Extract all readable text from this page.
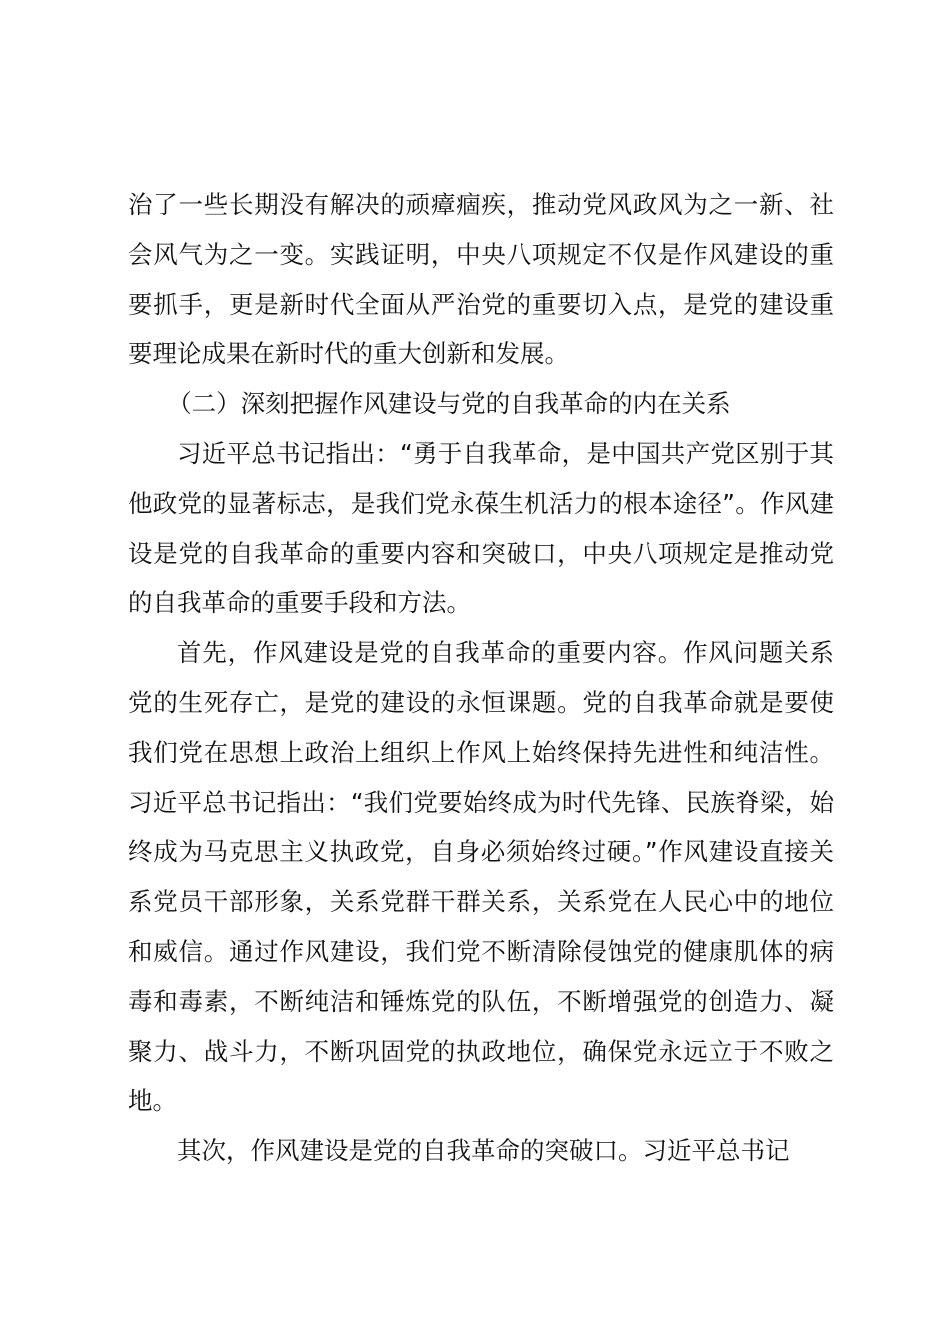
治了一些长期没有解决的顽瘴痼疾，推动党风政风为之一新、社会风气为之一变。实践证明，中央八项规定不仅是作风建设的重要抓手，更是新时代全面从严治党的重要切入点，是党的建设重要理论成果在新时代的重大创新和发展。

（二）深刻把握作风建设与党的自我革命的内在关系

习近平总书记指出：“勇于自我革命，是中国共产党区别于其他政党的显著标志，是我们党永葆生机活力的根本途径”。作风建设是党的自我革命的重要内容和突破口，中央八项规定是推动党的自我革命的重要手段和方法。

首先，作风建设是党的自我革命的重要内容。作风问题关系党的生死存亡，是党的建设的永恒课题。党的自我革命就是要使我们党在思想上政治上组织上作风上始终保持先进性和纯洁性。习近平总书记指出：“我们党要始终成为时代先锋、民族脊梁，始终成为马克思主义执政党，自身必须始终过硬。”作风建设直接关系党员干部形象，关系党群干群关系，关系党在人民心中的地位和威信。通过作风建设，我们党不断清除侵蚀党的健康肌体的病毒和毒素，不断纯洁和锤炼党的队伍，不断增强党的创造力、凝聚力、战斗力，不断巩固党的执政地位，确保党永远立于不败之地。

其次，作风建设是党的自我革命的突破口。习近平总书记
